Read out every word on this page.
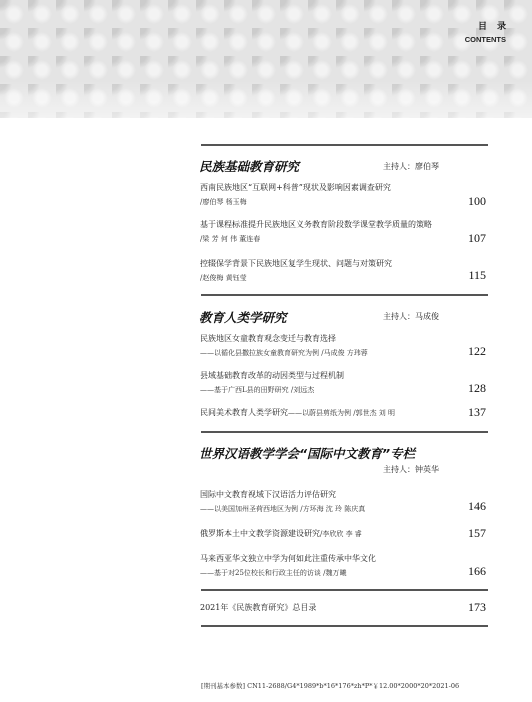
目录
CONTENTS
民族基础教育研究	主持人：廖伯琴
西南民族地区“互联网+科普”现状及影响因素调查研究
/廖伯琴 杨玉梅	100
基于课程标准提升民族地区义务教育阶段数学课堂教学质量的策略
/梁 芳 何 伟 董连春	107
控辍保学背景下民族地区复学生现状、问题与对策研究
/赵俊梅 黄钰莹	115
教育人类学研究	主持人：马成俊
民族地区女童教育观念变迁与教育选择
——以循化县撒拉族女童教育研究为例 /马成俊 方玮蓉	122
县域基础教育改革的动因类型与过程机制
——基于广西L县的田野研究 /刘远杰	128
民间美术教育人类学研究——以蔚县剪纸为例 /郭世杰 刘 明	137
世界汉语教学学会“国际中文教育”专栏
主持人：钟英华
国际中文教育视域下汉语活力评估研究
——以美国加州圣荷西地区为例 /方环海 沈 玲 陈庆真	146
俄罗斯本土中文教学资源建设研究/李欣欣 李 睿	157
马来西亚华文独立中学为何如此注重传承中华文化
——基于对25位校长和行政主任的访谈 /魏万曦	166
2021年《民族教育研究》总目录	173
[期刊基本参数] CN11-2688/G4*1989*b*16*176*zh*P*￥12.00*2000*20*2021-06
